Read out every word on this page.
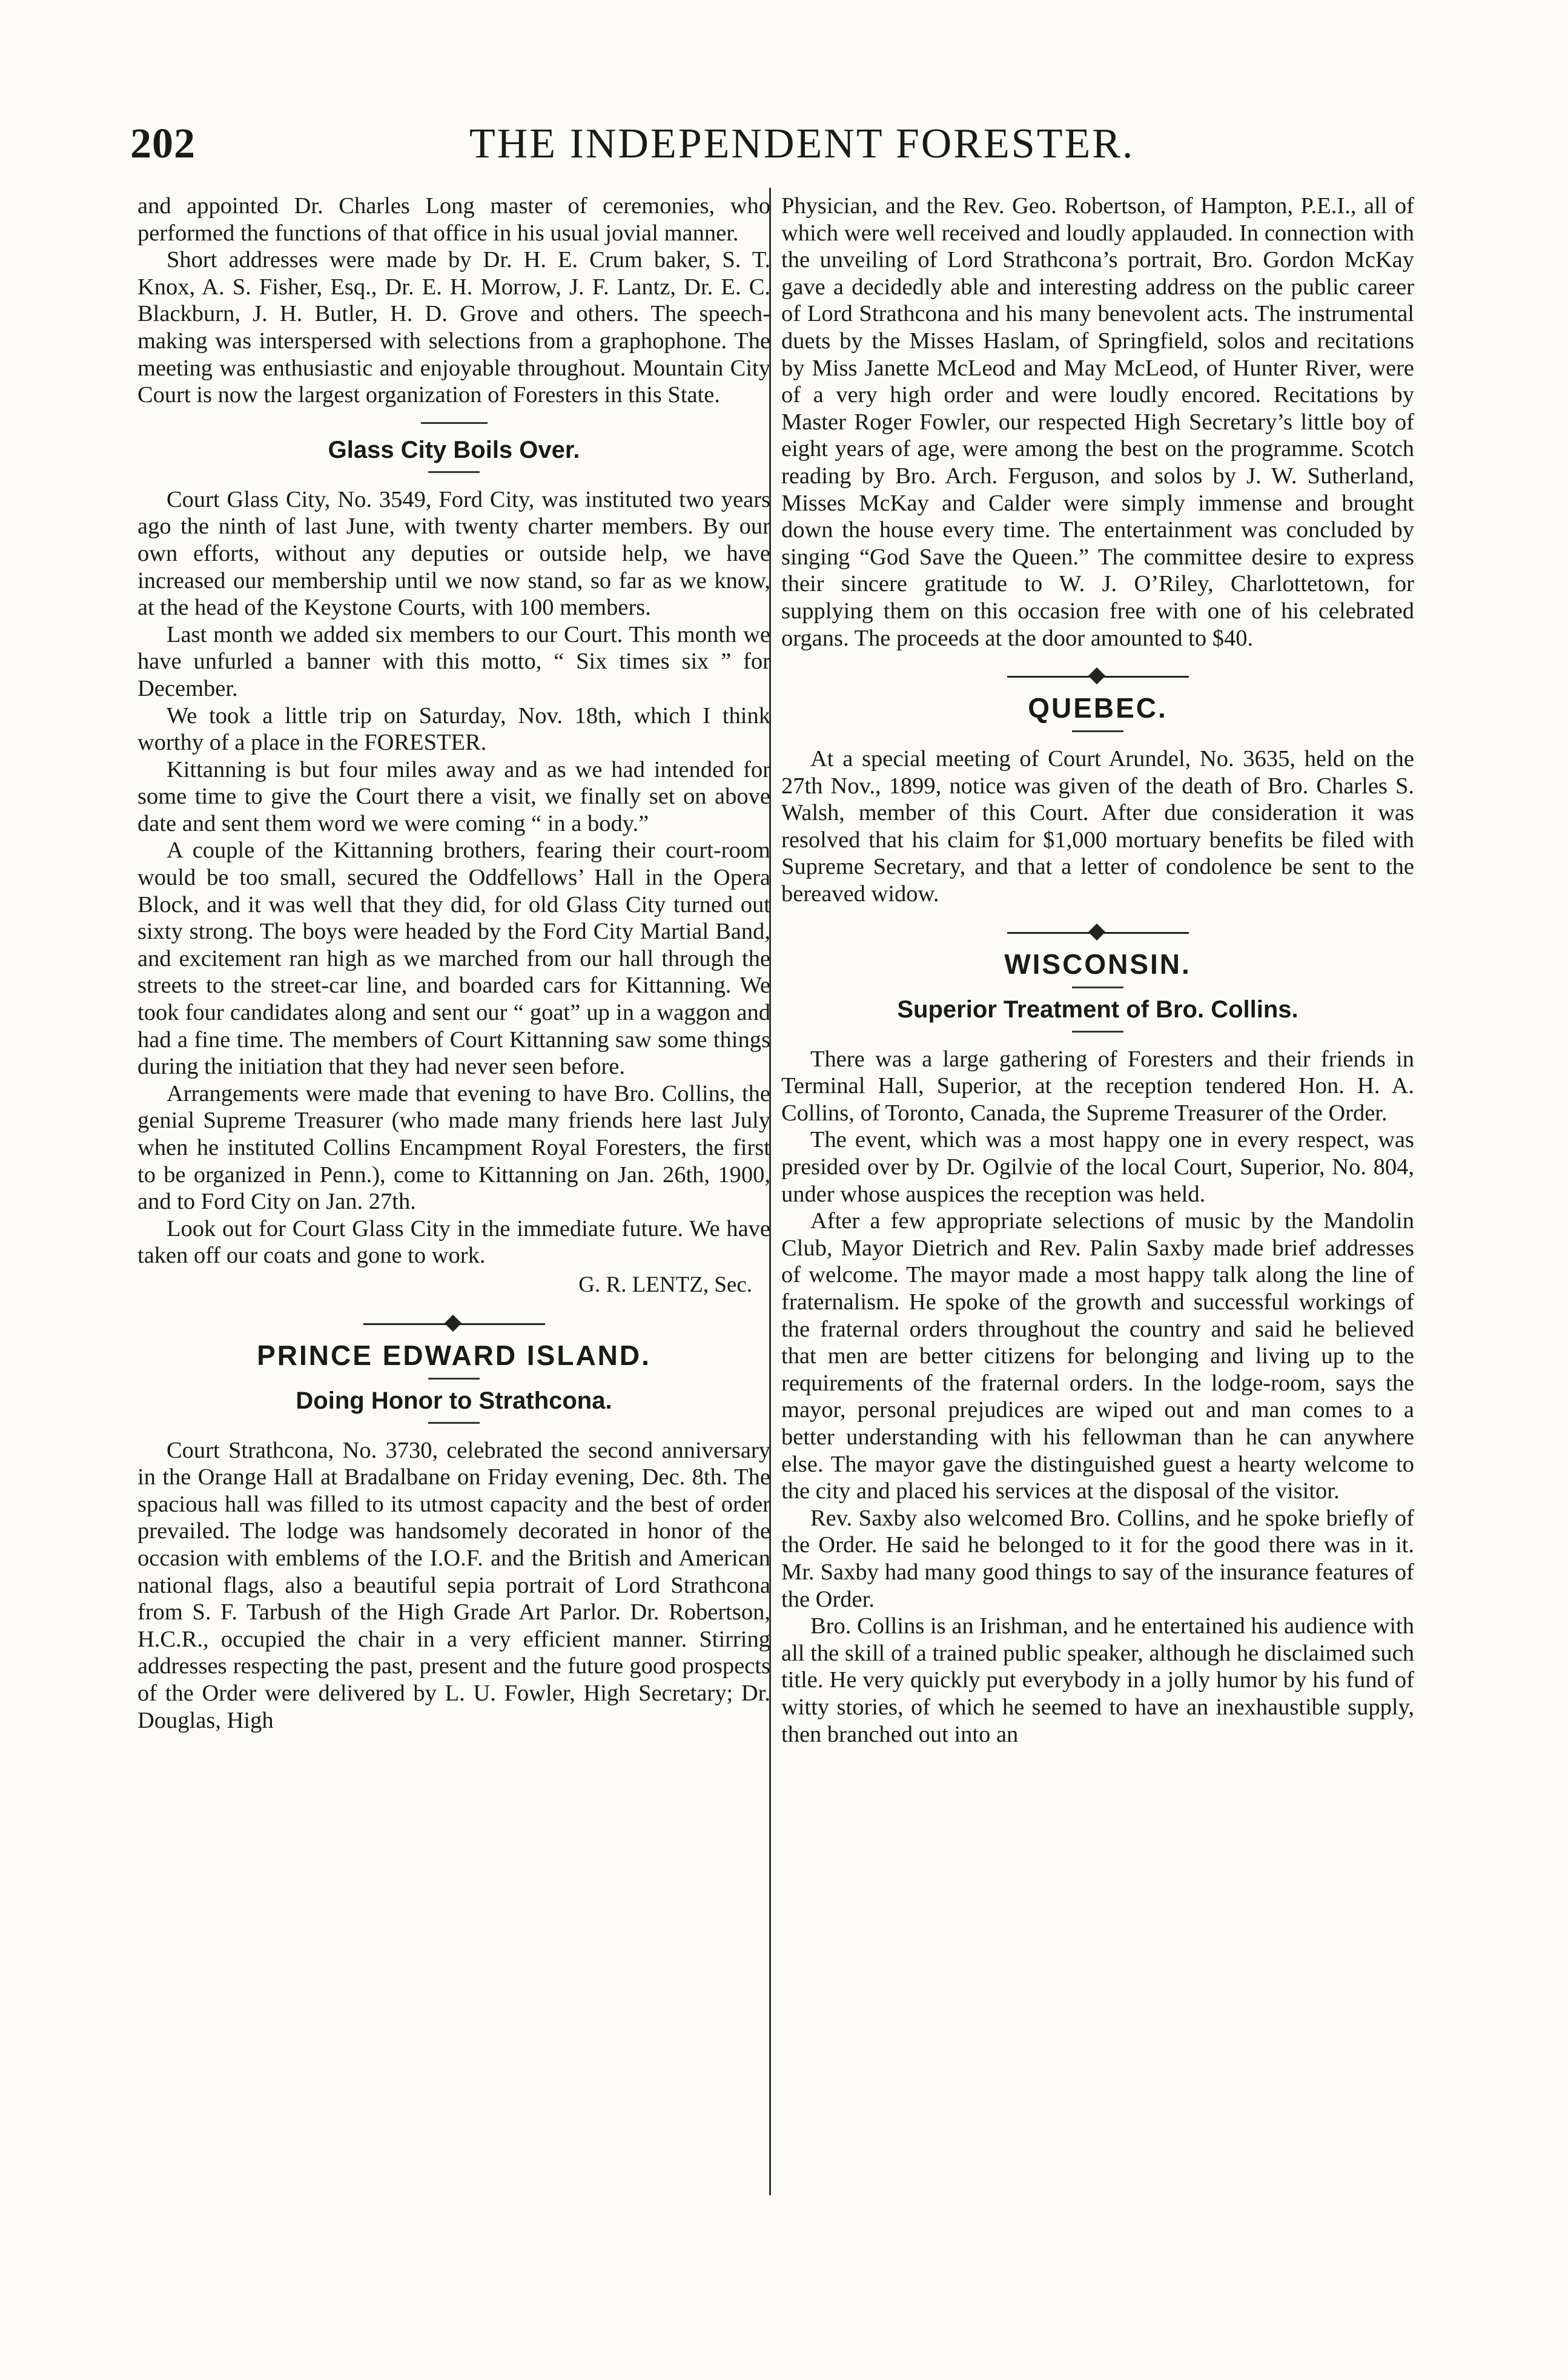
202	THE INDEPENDENT FORESTER.

and appointed Dr. Charles Long master of ceremonies, who performed the functions of that office in his usual jovial manner.

Short addresses were made by Dr. H. E. Crum baker, S. T. Knox, A. S. Fisher, Esq., Dr. E. H. Morrow, J. F. Lantz, Dr. E. C. Blackburn, J. H. Butler, H. D. Grove and others. The speech-making was interspersed with selections from a graphophone. The meeting was enthusiastic and enjoyable throughout. Mountain City Court is now the largest organization of Foresters in this State.

Glass City Boils Over.

Court Glass City, No. 3549, Ford City, was instituted two years ago the ninth of last June, with twenty charter members. By our own efforts, without any deputies or outside help, we have increased our membership until we now stand, so far as we know, at the head of the Keystone Courts, with 100 members.

Last month we added six members to our Court. This month we have unfurled a banner with this motto, “ Six times six ” for December.

We took a little trip on Saturday, Nov. 18th, which I think worthy of a place in the FORESTER.

Kittanning is but four miles away and as we had intended for some time to give the Court there a visit, we finally set on above date and sent them word we were coming “ in a body.”

A couple of the Kittanning brothers, fearing their court-room would be too small, secured the Oddfellows’ Hall in the Opera Block, and it was well that they did, for old Glass City turned out sixty strong. The boys were headed by the Ford City Martial Band, and excitement ran high as we marched from our hall through the streets to the street-car line, and boarded cars for Kittanning. We took four candidates along and sent our “ goat” up in a waggon and had a fine time. The members of Court Kittanning saw some things during the initiation that they had never seen before.

Arrangements were made that evening to have Bro. Collins, the genial Supreme Treasurer (who made many friends here last July when he instituted Collins Encampment Royal Foresters, the first to be organized in Penn.), come to Kittanning on Jan. 26th, 1900, and to Ford City on Jan. 27th.

Look out for Court Glass City in the immediate future. We have taken off our coats and gone to work.

G. R. LENTZ, Sec.
PRINCE EDWARD ISLAND.
Doing Honor to Strathcona.

Court Strathcona, No. 3730, celebrated the second anniversary in the Orange Hall at Bradalbane on Friday evening, Dec. 8th. The spacious hall was filled to its utmost capacity and the best of order prevailed. The lodge was handsomely decorated in honor of the occasion with emblems of the I.O.F. and the British and American national flags, also a beautiful sepia portrait of Lord Strathcona from S. F. Tarbush of the High Grade Art Parlor. Dr. Robertson, H.C.R., occupied the chair in a very efficient manner. Stirring addresses respecting the past, present and the future good prospects of the Order were delivered by L. U. Fowler, High Secretary; Dr. Douglas, High

Physician, and the Rev. Geo. Robertson, of Hampton, P.E.I., all of which were well received and loudly applauded. In connection with the unveiling of Lord Strathcona’s portrait, Bro. Gordon McKay gave a decidedly able and interesting address on the public career of Lord Strathcona and his many benevolent acts. The instrumental duets by the Misses Haslam, of Springfield, solos and recitations by Miss Janette McLeod and May McLeod, of Hunter River, were of a very high order and were loudly encored. Recitations by Master Roger Fowler, our respected High Secretary’s little boy of eight years of age, were among the best on the programme. Scotch reading by Bro. Arch. Ferguson, and solos by J. W. Sutherland, Misses McKay and Calder were simply immense and brought down the house every time. The entertainment was concluded by singing “God Save the Queen.” The committee desire to express their sincere gratitude to W. J. O’Riley, Charlottetown, for supplying them on this occasion free with one of his celebrated organs. The proceeds at the door amounted to $40.

QUEBEC.

At a special meeting of Court Arundel, No. 3635, held on the 27th Nov., 1899, notice was given of the death of Bro. Charles S. Walsh, member of this Court. After due consideration it was resolved that his claim for $1,000 mortuary benefits be filed with Supreme Secretary, and that a letter of condolence be sent to the bereaved widow.

WISCONSIN.
Superior Treatment of Bro. Collins.

There was a large gathering of Foresters and their friends in Terminal Hall, Superior, at the reception tendered Hon. H. A. Collins, of Toronto, Canada, the Supreme Treasurer of the Order.

The event, which was a most happy one in every respect, was presided over by Dr. Ogilvie of the local Court, Superior, No. 804, under whose auspices the reception was held.

After a few appropriate selections of music by the Mandolin Club, Mayor Dietrich and Rev. Palin Saxby made brief addresses of welcome. The mayor made a most happy talk along the line of fraternalism. He spoke of the growth and successful workings of the fraternal orders throughout the country and said he believed that men are better citizens for belonging and living up to the requirements of the fraternal orders. In the lodge-room, says the mayor, personal prejudices are wiped out and man comes to a better understanding with his fellowman than he can anywhere else. The mayor gave the distinguished guest a hearty welcome to the city and placed his services at the disposal of the visitor.

Rev. Saxby also welcomed Bro. Collins, and he spoke briefly of the Order. He said he belonged to it for the good there was in it. Mr. Saxby had many good things to say of the insurance features of the Order.

Bro. Collins is an Irishman, and he entertained his audience with all the skill of a trained public speaker, although he disclaimed such title. He very quickly put everybody in a jolly humor by his fund of witty stories, of which he seemed to have an inexhaustible supply, then branched out into an
